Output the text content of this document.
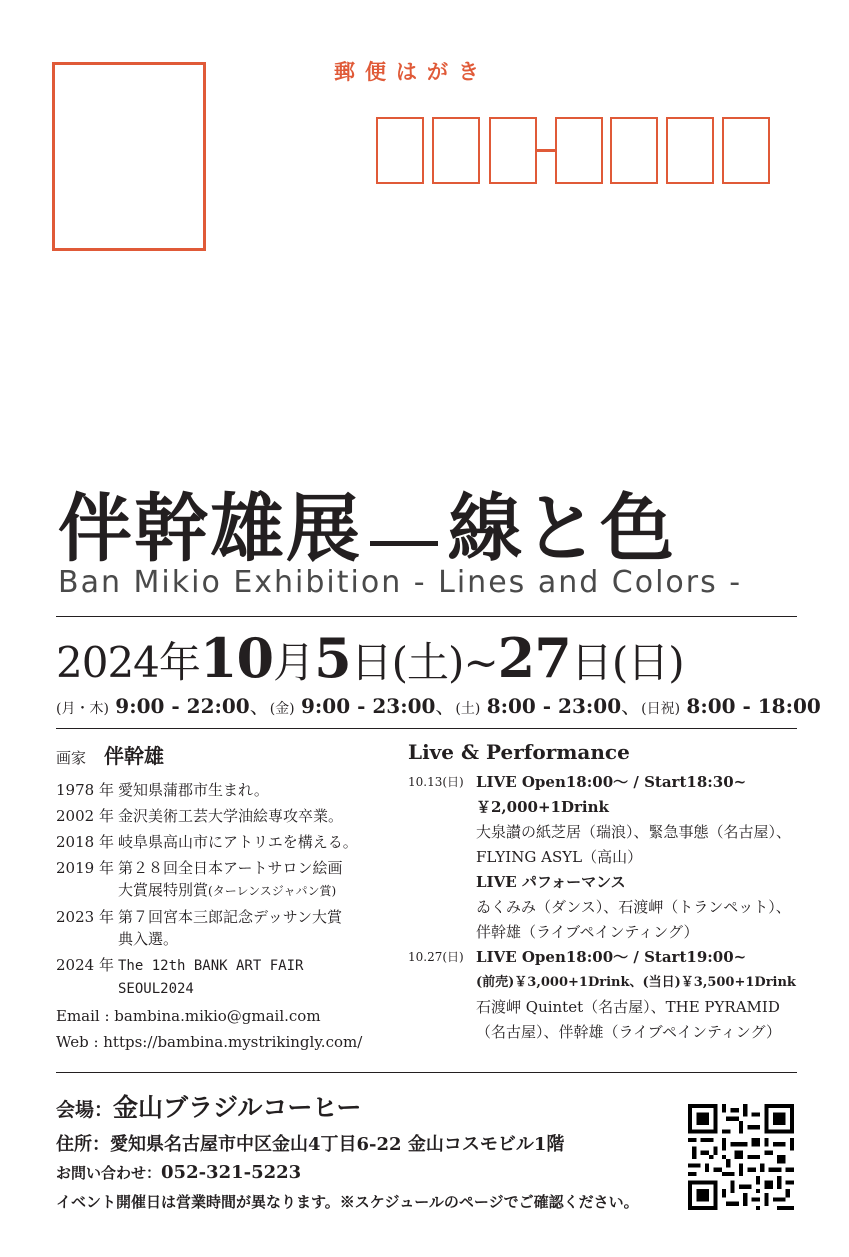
郵便はがき
伴幹雄展 線と色
Ban Mikio Exhibition - Lines and Colors -
2024年10月5日(土)~27日(日)
(月・木) 9:00 - 22:00、(金) 9:00 - 23:00、(土) 8:00 - 23:00、(日祝) 8:00 - 18:00
画家 伴幹雄
1978 年 愛知県蒲郡市生まれ。
2002 年 金沢美術工芸大学油絵専攻卒業。
2018 年 岐阜県高山市にアトリエを構える。
2019 年 第２８回全日本アートサロン絵画
大賞展特別賞(ターレンスジャパン賞)
2023 年 第７回宮本三郎記念デッサン大賞
典入選。
2024 年 The 12th BANK ART FAIR
SEOUL2024
Email : bambina.mikio@gmail.com
Web : https://bambina.mystrikingly.com/
Live & Performance
10.13(日) LIVE Open18:00～ / Start18:30~
￥2,000+1Drink
大泉讃の紙芝居（瑞浪）、緊急事態（名古屋）、
FLYING ASYL（高山）
LIVE パフォーマンス
ゐくみみ（ダンス）、石渡岬（トランペット）、
伴幹雄（ライブペインティング）
10.27(日) LIVE Open18:00～ / Start19:00~
(前売)￥3,000+1Drink、(当日)￥3,500+1Drink
石渡岬 Quintet（名古屋）、THE PYRAMID
（名古屋）、伴幹雄（ライブペインティング）
会場：金山ブラジルコーヒー
住所：愛知県名古屋市中区金山4丁目6-22 金山コスモビル1階
お問い合わせ：052-321-5223
イベント開催日は営業時間が異なります。※スケジュールのページでご確認ください。
